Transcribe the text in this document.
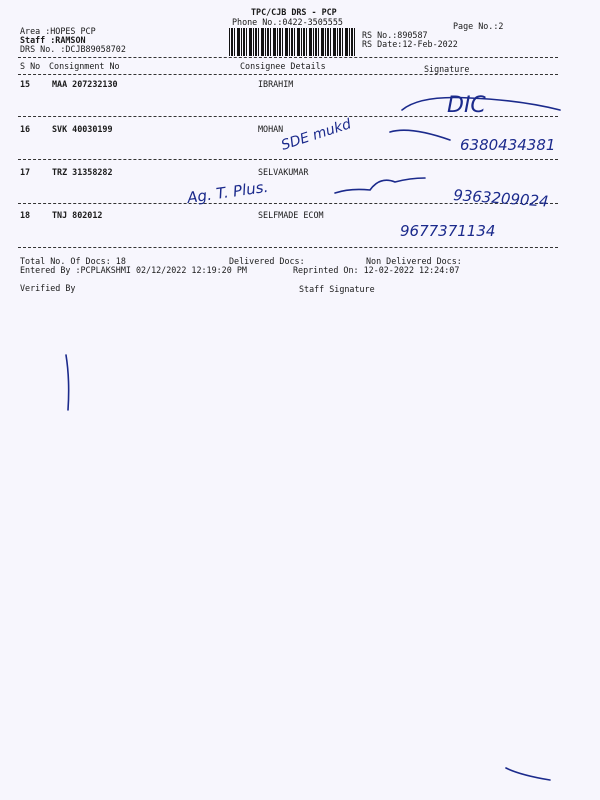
TPC/CJB DRS - PCP
Phone No.:0422-3505555
Area :HOPES PCP
Staff :RAMSON
DRS No. :DCJB89058702
RS No.:890587
RS Date:12-Feb-2022
Page No.:2
S No Consignment No	Consignee Details	Signature
15	MAA 207232130	IBRAHIM
16	SVK 40030199	MOHAN
17	TRZ 31358282	SELVAKUMAR
18	TNJ 802012	SELFMADE ECOM
Total No. Of Docs: 18	Delivered Docs:	Non Delivered Docs:
Entered By :PCPLAKSHMI 02/12/2022 12:19:20 PM	Reprinted On: 12-02-2022 12:24:07
Verified By	Staff Signature
DIC
SDE mukd	6380434381
Ag. T. Plus.	9363209024
9677371134
